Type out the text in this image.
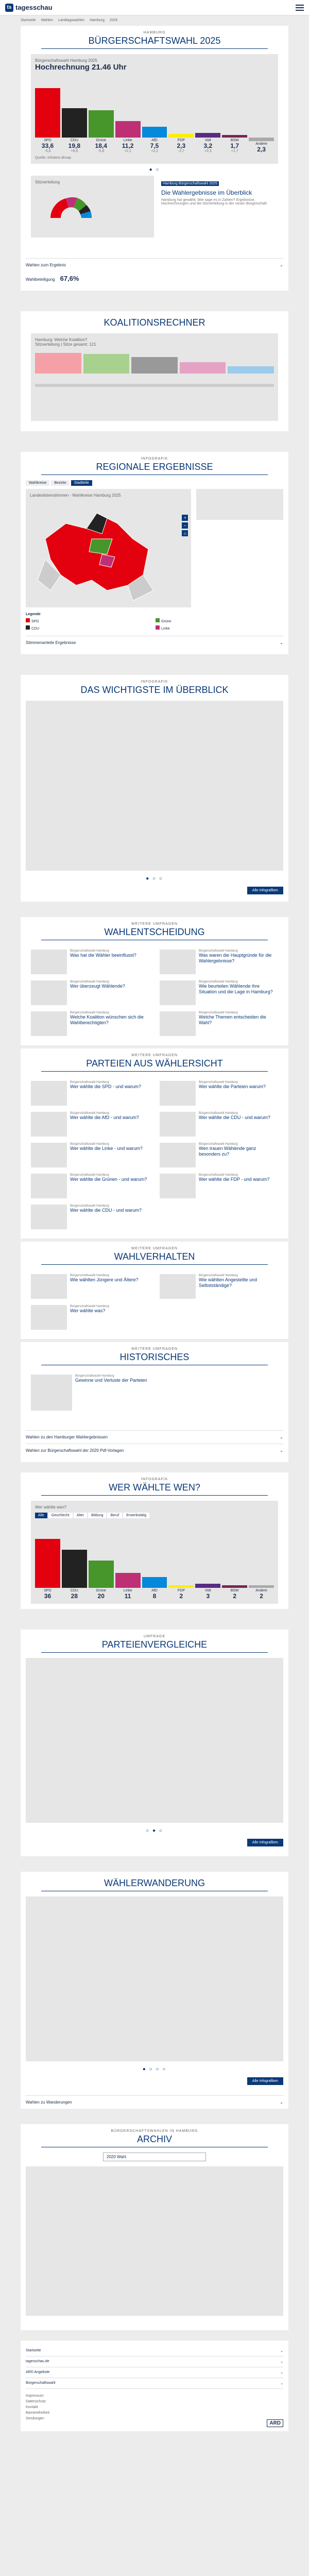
ts tagesschau
Startseite Wahlen Landtagswahlen Hamburg 2025
HAMBURG
BÜRGERSCHAFTSWAHL 2025
Bürgerschaftswahl Hamburg 2025
Hochrechnung 21.46 Uhr
SPD
33,6
-5,6
CDU
19,8
+8,6
Grüne
18,4
-5,8
Linke
11,2
+2,1
AfD
7,5
+2,2
FDP
2,3
-2,7
Volt
3,2
+2,3
BSW
1,7
+1,7
Andere
2,3
Quelle: infratest dimap
● ○
Sitzverteilung	Hamburg Bürgerschaftswahl 2025
Die Wahlergebnisse im Überblick
Hamburg hat gewählt. Wie sage es in Zahlen? Ergebnisse, Hochrechnungen und die Sitzverteilung in der neuen Bürgerschaft.
Wahlen zum Ergebnis	⌄
Wahlbeteiligung 67,6%
KOALITIONSRECHNER
Hamburg: Welche Koalition?
Sitzverteilung | Sitze gesamt: 121
INFOGRAFIK
REGIONALE ERGEBNISSE
Wahlkreise	Bezirke	Stadtteile
Landeslistenstimmen - Wahlkreise Hamburg 2025
+
−
⌂
Legende
SPD	Grüne
CDU	Linke
Stimmenanteile Ergebnisse	⌄
INFOGRAFIK
DAS WICHTIGSTE IM ÜBERBLICK
● ○ ○
Alle Infografiken
WEITERE UMFRAGEN
WAHLENTSCHEIDUNG
Bürgerschaftswahl Hamburg
Was hat die Wähler beeinflusst?
Bürgerschaftswahl Hamburg
Was waren die Hauptgründe für die Wahlergebnisse?
Bürgerschaftswahl Hamburg
Wer überzeugt Wählende?
Bürgerschaftswahl Hamburg
Wie beurteilen Wählende ihre Situation und die Lage in Hamburg?
Bürgerschaftswahl Hamburg
Welche Koalition wünschen sich die Wahlberechtigten?
Bürgerschaftswahl Hamburg
Welche Themen entscheiden die Wahl?
WEITERE UMFRAGEN
PARTEIEN AUS WÄHLERSICHT
Bürgerschaftswahl Hamburg
Wer wählte die SPD - und warum?
Bürgerschaftswahl Hamburg
Wer wählte die Parteien warum?
Bürgerschaftswahl Hamburg
Wer wählte die AfD - und warum?
Bürgerschaftswahl Hamburg
Wer wählte die CDU - und warum?
Bürgerschaftswahl Hamburg
Wer wählte die Linke - und warum?
Bürgerschaftswahl Hamburg
Wen trauen Wählende ganz besonders zu?
Bürgerschaftswahl Hamburg
Wer wählte die Grünen - und warum?
Bürgerschaftswahl Hamburg
Wer wählte die FDP - und warum?
Bürgerschaftswahl Hamburg
Wer wählte die CDU - und warum?
WEITERE UMFRAGEN
WAHLVERHALTEN
Bürgerschaftswahl Hamburg
Wie wählten Jüngere und Ältere?
Bürgerschaftswahl Hamburg
Wie wählten Angestellte und Selbstständige?
Bürgerschaftswahl Hamburg
Wer wählte was?
WEITERE UMFRAGEN
HISTORISCHES
Bürgerschaftswahl Hamburg
Gewinne und Verluste der Parteien
Wahlen zu den Hamburger Wahlergebnissen	⌄
Wahlen zur Bürgerschaftswahl der 2020 Pdf-Vorlagen	⌄
INFOGRAFIK
WER WÄHLTE WEN?
Wer wählte wen?
Alle	Geschlecht	Alter	Bildung	Beruf	Erwerbstätig
SPD
36
CDU
28
Grüne
20
Linke
11
AfD
8
FDP
2
Volt
3
BSW
2
Andere
2
UMFRAGE
PARTEIENVERGLEICHE
○ ● ○
Alle Infografiken
WÄHLERWANDERUNG
● ○ ○ ○
Alle Infografiken
Wahlen zu Wanderungen	⌄
BÜRGERSCHAFTSWAHLEN IN HAMBURG
ARCHIV
2020 Wahl
Startseite	⌄
tagesschau.de	⌄
ARD Angebote	⌄
Bürgerschaftswahl	⌄
Impressum
Datenschutz
Kontakt
Barrierefreiheit
Sendungen
ARD
